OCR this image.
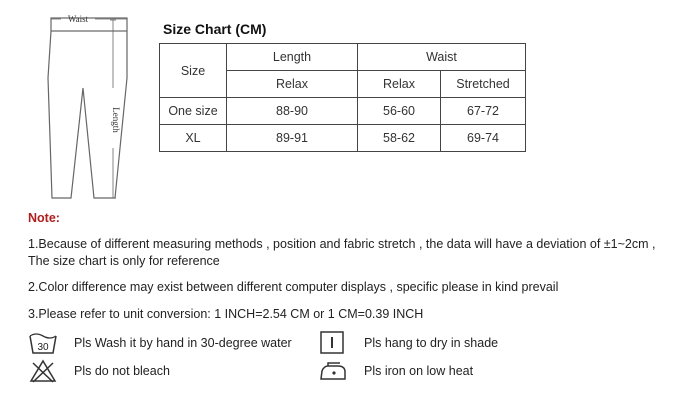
Waist
Length
Size Chart (CM)
Size	Length	Waist	
	Relax	Relax	Stretched
One size	88-90	56-60	67-72
XL	89-91	58-62	69-74
Note:
1.Because of different measuring methods , position and fabric stretch , the data will have a deviation of ±1~2cm ,
The size chart is only for reference
2.Color difference may exist between different computer displays , specific please in kind prevail
3.Please refer to unit conversion: 1 INCH=2.54 CM or 1 CM=0.39 INCH
30 Pls Wash it by hand in 30-degree water	Pls hang to dry in shade
Pls do not bleach	Pls iron on low heat
